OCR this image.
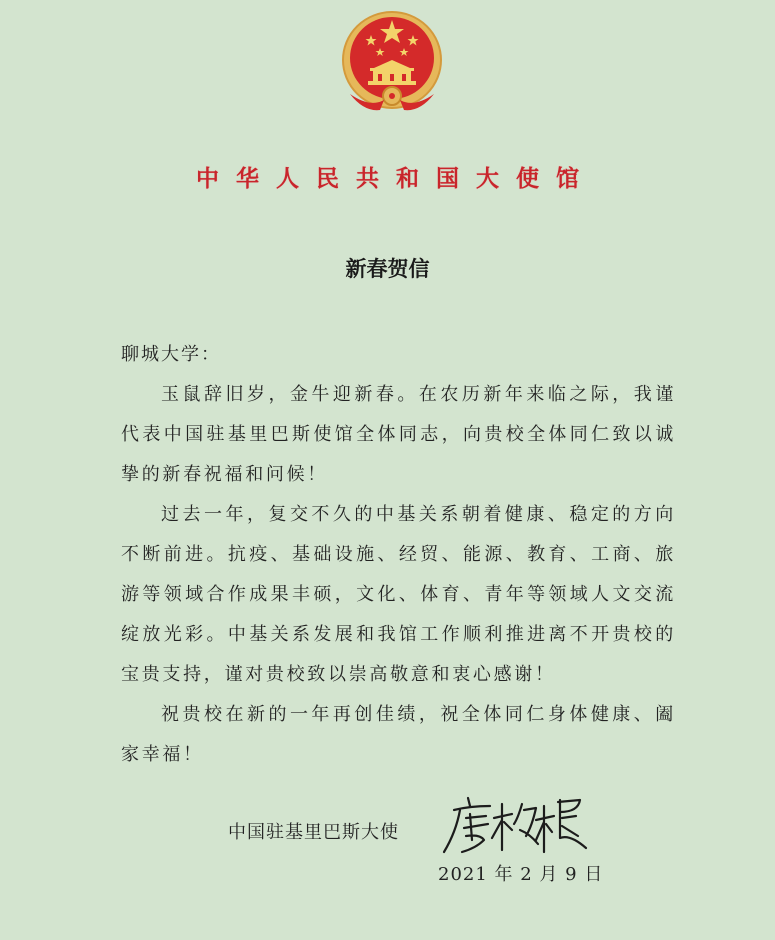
中华人民共和国大使馆
新春贺信
聊城大学：

玉鼠辞旧岁，金牛迎新春。在农历新年来临之际，我谨代表中国驻基里巴斯使馆全体同志，向贵校全体同仁致以诚挚的新春祝福和问候！

过去一年，复交不久的中基关系朝着健康、稳定的方向不断前进。抗疫、基础设施、经贸、能源、教育、工商、旅游等领域合作成果丰硕，文化、体育、青年等领域人文交流绽放光彩。中基关系发展和我馆工作顺利推进离不开贵校的宝贵支持，谨对贵校致以崇高敬意和衷心感谢！

祝贵校在新的一年再创佳绩，祝全体同仁身体健康、阖家幸福！

中国驻基里巴斯大使
2021 年 2 月 9 日
